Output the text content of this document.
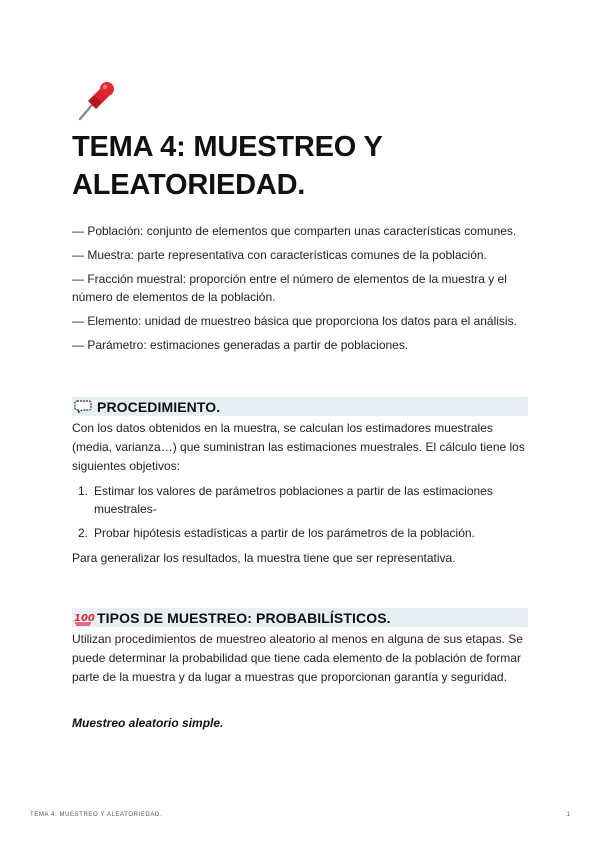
TEMA 4: MUESTREO Y ALEATORIEDAD.

— Población: conjunto de elementos que comparten unas características comunes.

— Muestra: parte representativa con características comunes de la población.

— Fracción muestral: proporción entre el número de elementos de la muestra y el número de elementos de la población.

— Elemento: unidad de muestreo básica que proporciona los datos para el análisis.

— Parámetro: estimaciones generadas a partir de poblaciones.

PROCEDIMIENTO.

Con los datos obtenidos en la muestra, se calculan los estimadores muestrales (media, varianza…) que suministran las estimaciones muestrales. El cálculo tiene los siguientes objetivos:

1. Estimar los valores de parámetros poblaciones a partir de las estimaciones muestrales-
2. Probar hipótesis estadísticas a partir de los parámetros de la población.

Para generalizar los resultados, la muestra tiene que ser representativa.

100 TIPOS DE MUESTREO: PROBABILÍSTICOS.

Utilizan procedimientos de muestreo aleatorio al menos en alguna de sus etapas. Se puede determinar la probabilidad que tiene cada elemento de la población de formar parte de la muestra y da lugar a muestras que proporcionan garantía y seguridad.

Muestreo aleatorio simple.

TEMA 4: MUESTREO Y ALEATORIEDAD.	1
